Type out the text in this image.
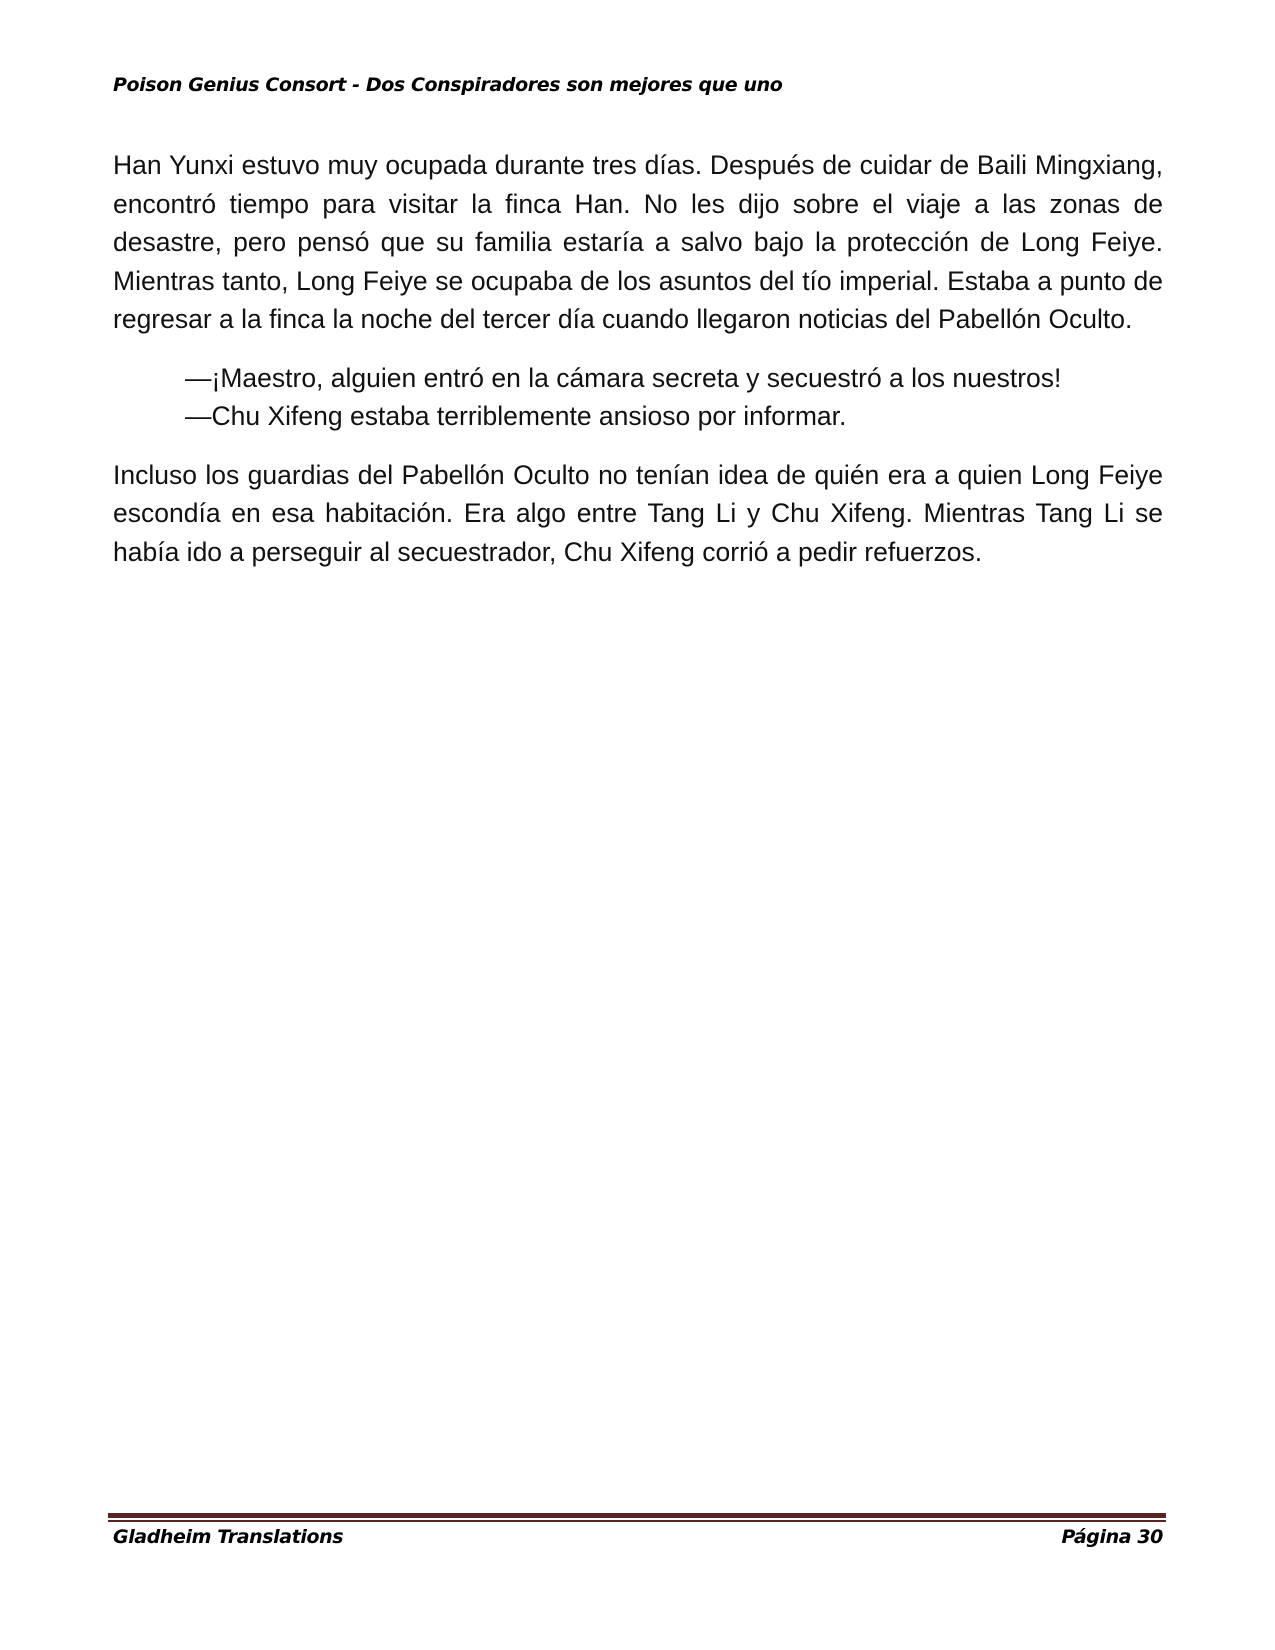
Poison Genius Consort - Dos Conspiradores son mejores que uno

Han Yunxi estuvo muy ocupada durante tres días. Después de cuidar de Baili Mingxiang, encontró tiempo para visitar la finca Han. No les dijo sobre el viaje a las zonas de desastre, pero pensó que su familia estaría a salvo bajo la protección de Long Feiye. Mientras tanto, Long Feiye se ocupaba de los asuntos del tío imperial. Estaba a punto de regresar a la finca la noche del tercer día cuando llegaron noticias del Pabellón Oculto.

—¡Maestro, alguien entró en la cámara secreta y secuestró a los nuestros!

—Chu Xifeng estaba terriblemente ansioso por informar.

Incluso los guardias del Pabellón Oculto no tenían idea de quién era a quien Long Feiye escondía en esa habitación. Era algo entre Tang Li y Chu Xifeng. Mientras Tang Li se había ido a perseguir al secuestrador, Chu Xifeng corrió a pedir refuerzos.

Gladheim Translations	Página 30
